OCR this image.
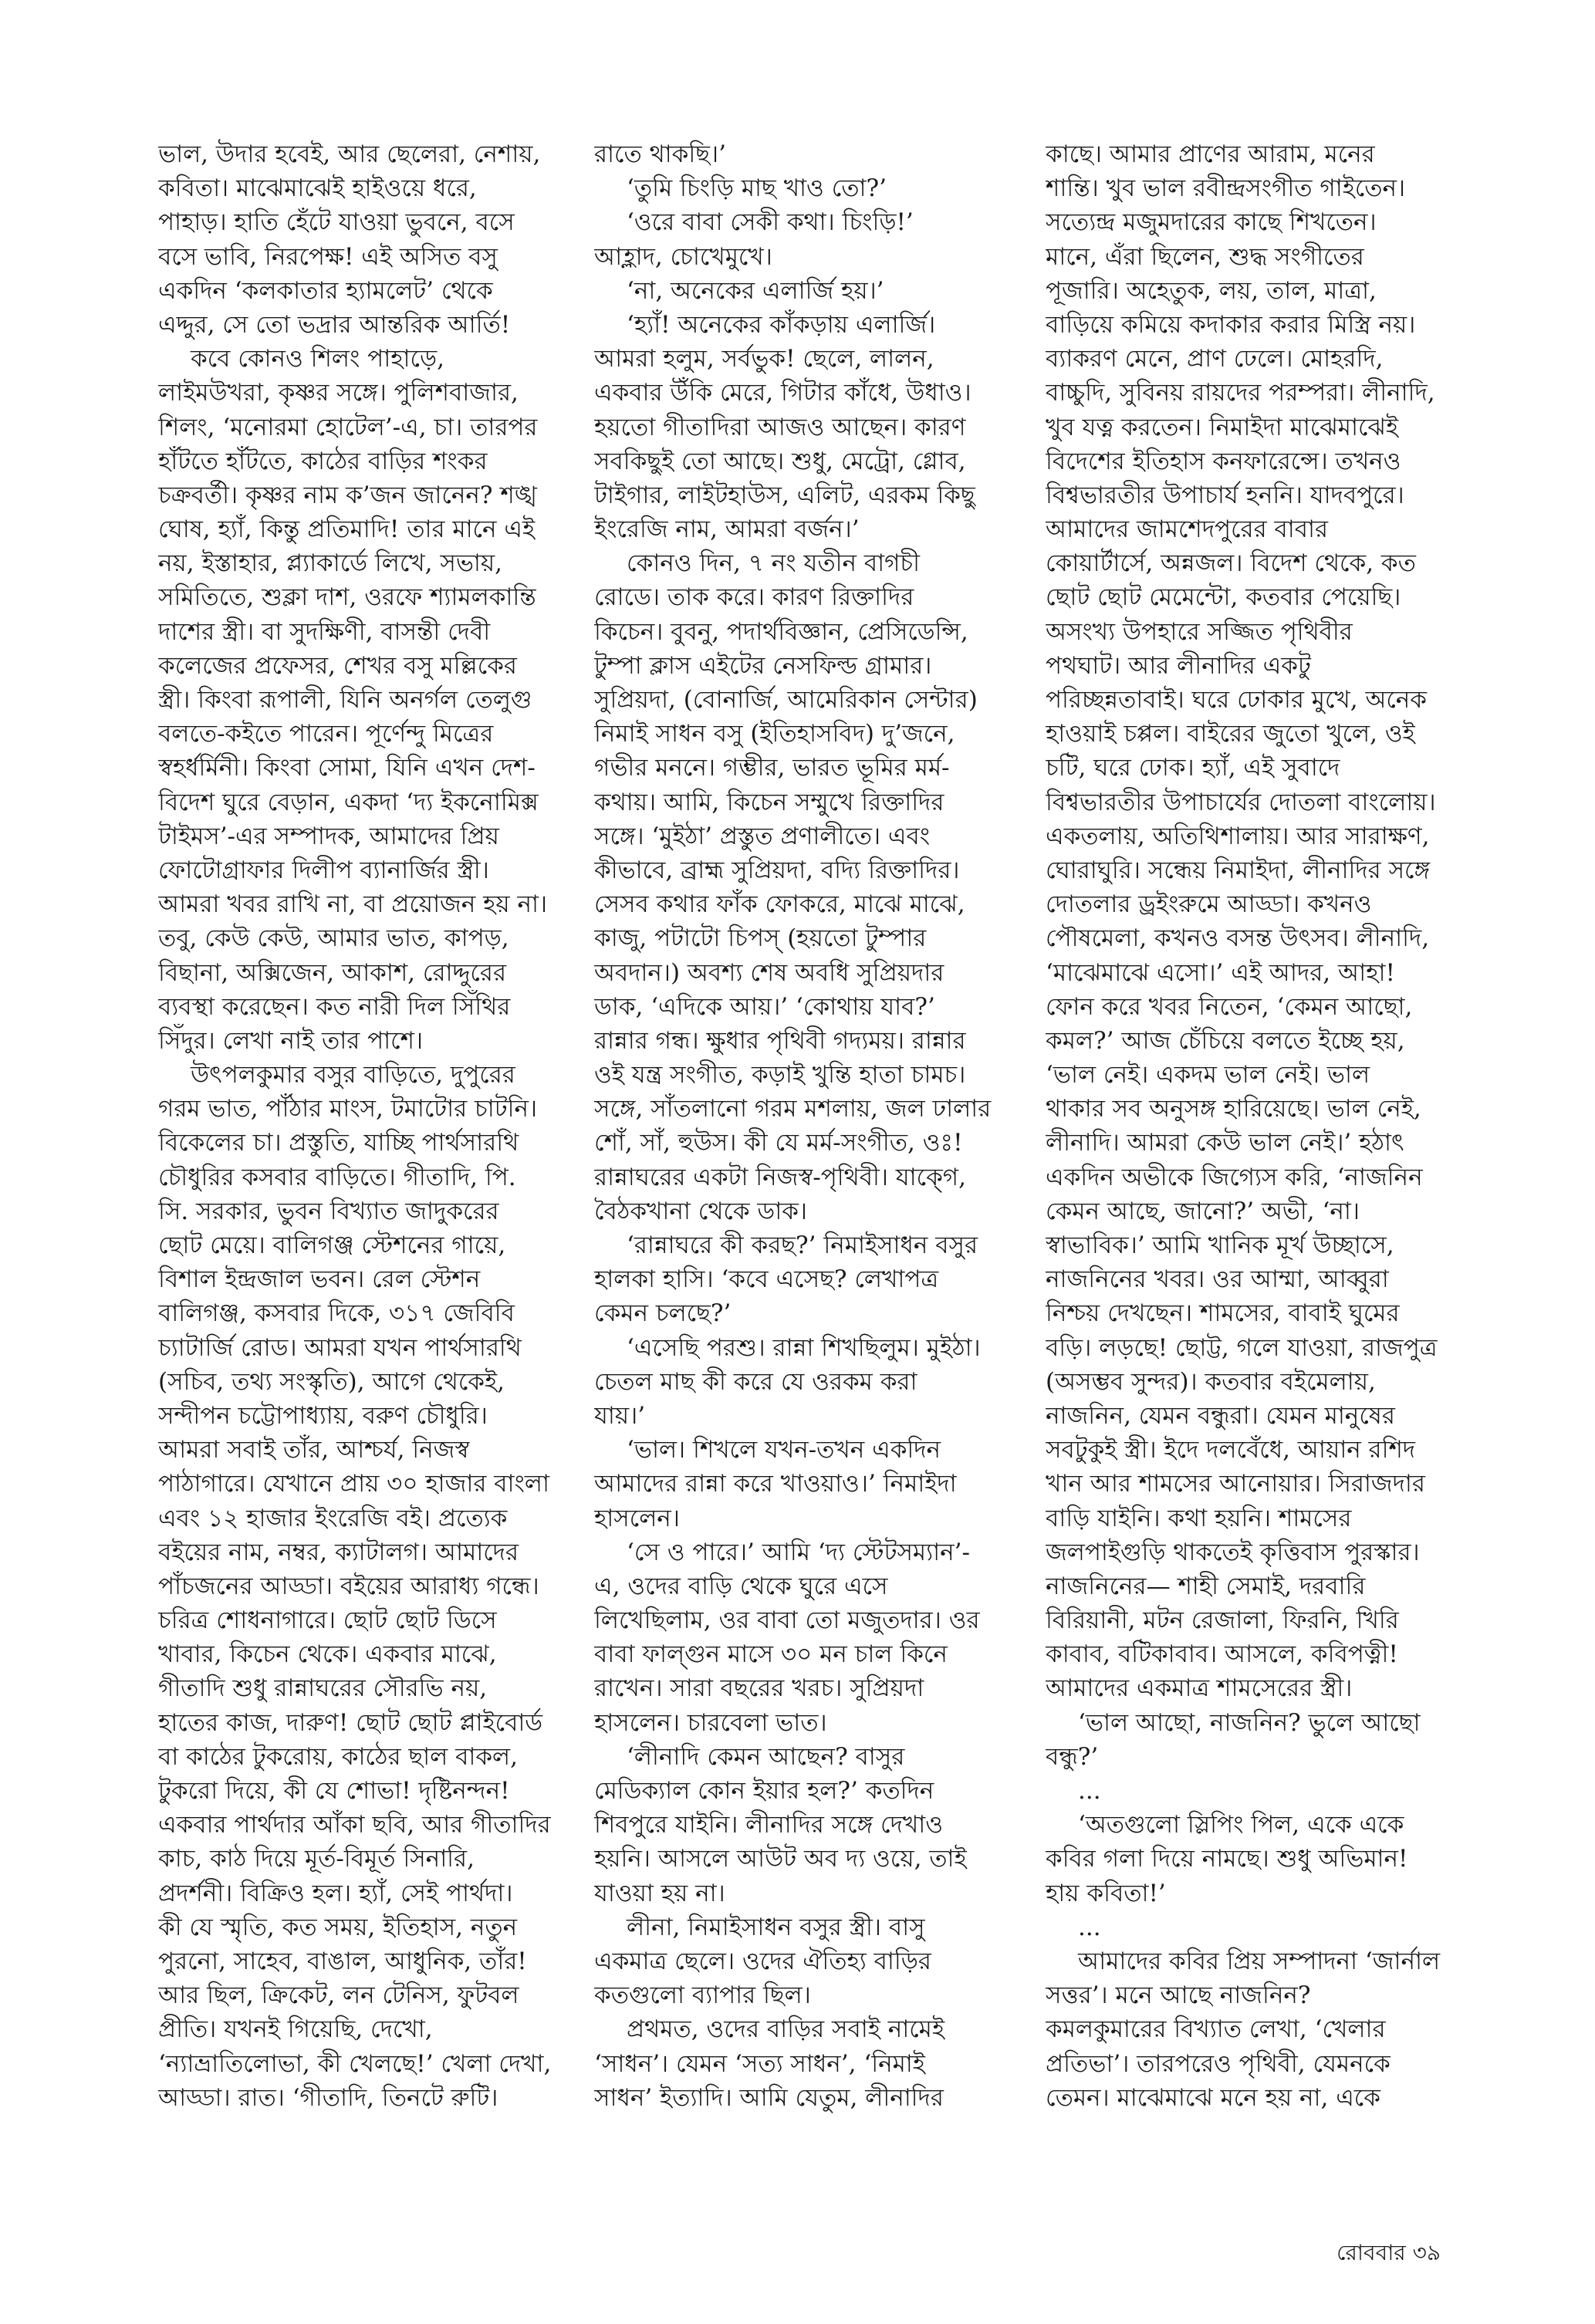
ভাল, উদার হবেই, আর ছেলেরা, নেশায়,
কবিতা। মাঝেমাঝেই হাইওয়ে ধরে,
পাহাড়। হাতি হেঁটে যাওয়া ভুবনে, বসে
বসে ভাবি, নিরপেক্ষ! এই অসিত বসু
একদিন ‘কলকাতার হ্যামলেট’ থেকে
এদ্দুর, সে তো ভদ্রার আন্তরিক আর্তি!
কবে কোনও শিলং পাহাড়ে,
লাইমউখরা, কৃষ্ণর সঙ্গে। পুলিশবাজার,
শিলং, ‘মনোরমা হোটেল’-এ, চা। তারপর
হাঁটতে হাঁটতে, কাঠের বাড়ির শংকর
চক্রবর্তী। কৃষ্ণর নাম ক’জন জানেন? শঙ্খ
ঘোষ, হ্যাঁ, কিন্তু প্রতিমাদি! তার মানে এই
নয়, ইস্তাহার, প্ল্যাকার্ডে লিখে, সভায়,
সমিতিতে, শুক্লা দাশ, ওরফে শ্যামলকান্তি
দাশের স্ত্রী। বা সুদক্ষিণী, বাসন্তী দেবী
কলেজের প্রফেসর, শেখর বসু মল্লিকের
স্ত্রী। কিংবা রূপালী, যিনি অনর্গল তেলুগু
বলতে-কইতে পারেন। পূর্ণেন্দু মিত্রের
স্বহর্ধর্মিনী। কিংবা সোমা, যিনি এখন দেশ-
বিদেশ ঘুরে বেড়ান, একদা ‘দ্য ইকনোমিক্স
টাইমস’-এর সম্পাদক, আমাদের প্রিয়
ফোটোগ্রাফার দিলীপ ব্যানার্জির স্ত্রী।
আমরা খবর রাখি না, বা প্রয়োজন হয় না।
তবু, কেউ কেউ, আমার ভাত, কাপড়,
বিছানা, অক্সিজেন, আকাশ, রোদ্দুরের
ব্যবস্থা করেছেন। কত নারী দিল সিঁথির
সিঁদুর। লেখা নাই তার পাশে।
উৎপলকুমার বসুর বাড়িতে, দুপুরের
গরম ভাত, পাঁঠার মাংস, টমাটোর চাটনি।
বিকেলের চা। প্রস্তুতি, যাচ্ছি পার্থসারথি
চৌধুরির কসবার বাড়িতে। গীতাদি, পি.
সি. সরকার, ভুবন বিখ্যাত জাদুকরের
ছোট মেয়ে। বালিগঞ্জ স্টেশনের গায়ে,
বিশাল ইন্দ্রজাল ভবন। রেল স্টেশন
বালিগঞ্জ, কসবার দিকে, ৩১৭ জেবিবি
চ্যাটার্জি রোড। আমরা যখন পার্থসারথি
(সচিব, তথ্য সংস্কৃতি), আগে থেকেই,
সন্দীপন চট্টোপাধ্যায়, বরুণ চৌধুরি।
আমরা সবাই তাঁর, আশ্চর্য, নিজস্ব
পাঠাগারে। যেখানে প্রায় ৩০ হাজার বাংলা
এবং ১২ হাজার ইংরেজি বই। প্রত্যেক
বইয়ের নাম, নম্বর, ক্যাটালগ। আমাদের
পাঁচজনের আড্ডা। বইয়ের আরাধ্য গন্ধে।
চরিত্র শোধনাগারে। ছোট ছোট ডিসে
খাবার, কিচেন থেকে। একবার মাঝে,
গীতাদি শুধু রান্নাঘরের সৌরভি নয়,
হাতের কাজ, দারুণ! ছোট ছোট প্লাইবোর্ড
বা কাঠের টুকরোয়, কাঠের ছাল বাকল,
টুকরো দিয়ে, কী যে শোভা! দৃষ্টিনন্দন!
একবার পার্থদার আঁকা ছবি, আর গীতাদির
কাচ, কাঠ দিয়ে মূর্ত-বিমূর্ত সিনারি,
প্রদর্শনী। বিক্রিও হল। হ্যাঁ, সেই পার্থদা।
কী যে স্মৃতি, কত সময়, ইতিহাস, নতুন
পুরনো, সাহেব, বাঙাল, আধুনিক, তাঁর!
আর ছিল, ক্রিকেট, লন টেনিস, ফুটবল
প্রীতি। যখনই গিয়েছি, দেখো,
‘ন্যাভ্রাতিলোভা, কী খেলছে!’ খেলা দেখা,
আড্ডা। রাত। ‘গীতাদি, তিনটে রুটি।
রাতে থাকছি।’
‘তুমি চিংড়ি মাছ খাও তো?’
‘ওরে বাবা সেকী কথা। চিংড়ি!’
আহ্লাদ, চোখেমুখে।
‘না, অনেকের এলার্জি হয়।’
‘হ্যাঁ! অনেকের কাঁকড়ায় এলার্জি।
আমরা হলুম, সর্বভুক! ছেলে, লালন,
একবার উঁকি মেরে, গিটার কাঁধে, উধাও।
হয়তো গীতাদিরা আজও আছেন। কারণ
সবকিছুই তো আছে। শুধু, মেট্রো, গ্লোব,
টাইগার, লাইটহাউস, এলিট, এরকম কিছু
ইংরেজি নাম, আমরা বর্জন।’
কোনও দিন, ৭ নং যতীন বাগচী
রোডে। তাক করে। কারণ রিক্তাদির
কিচেন। বুবনু, পদার্থবিজ্ঞান, প্রেসিডেন্সি,
টুম্পা ক্লাস এইটের নেসফিল্ড গ্রামার।
সুপ্রিয়দা, (বোনার্জি, আমেরিকান সেন্টার)
নিমাই সাধন বসু (ইতিহাসবিদ) দু’জনে,
গভীর মননে। গম্ভীর, ভারত ভূমির মর্ম-
কথায়। আমি, কিচেন সম্মুখে রিক্তাদির
সঙ্গে। ‘মুইঠা’ প্রস্তুত প্রণালীতে। এবং
কীভাবে, ব্রাহ্ম সুপ্রিয়দা, বদ্যি রিক্তাদির।
সেসব কথার ফাঁক ফোকরে, মাঝে মাঝে,
কাজু, পটাটো চিপস্ (হয়তো টুম্পার
অবদান।) অবশ্য শেষ অবধি সুপ্রিয়দার
ডাক, ‘এদিকে আয়।’ ‘কোথায় যাব?’
রান্নার গন্ধ। ক্ষুধার পৃথিবী গদ্যময়। রান্নার
ওই যন্ত্র সংগীত, কড়াই খুন্তি হাতা চামচ।
সঙ্গে, সাঁতলানো গরম মশলায়, জল ঢালার
শোঁ, সাঁ, হুউস। কী যে মর্ম-সংগীত, ওঃ!
রান্নাঘরের একটা নিজস্ব-পৃথিবী। যাক্গে,
বৈঠকখানা থেকে ডাক।
‘রান্নাঘরে কী করছ?’ নিমাইসাধন বসুর
হালকা হাসি। ‘কবে এসেছ? লেখাপত্র
কেমন চলছে?’
‘এসেছি পরশু। রান্না শিখছিলুম। মুইঠা।
চেতল মাছ কী করে যে ওরকম করা
যায়।’
‘ভাল। শিখলে যখন-তখন একদিন
আমাদের রান্না করে খাওয়াও।’ নিমাইদা
হাসলেন।
‘সে ও পারে।’ আমি ‘দ্য স্টেটসম্যান’-
এ, ওদের বাড়ি থেকে ঘুরে এসে
লিখেছিলাম, ওর বাবা তো মজুতদার। ওর
বাবা ফাল্গুন মাসে ৩০ মন চাল কিনে
রাখেন। সারা বছরের খরচ। সুপ্রিয়দা
হাসলেন। চারবেলা ভাত।
‘লীনাদি কেমন আছেন? বাসুর
মেডিক্যাল কোন ইয়ার হল?’ কতদিন
শিবপুরে যাইনি। লীনাদির সঙ্গে দেখাও
হয়নি। আসলে আউট অব দ্য ওয়ে, তাই
যাওয়া হয় না।
লীনা, নিমাইসাধন বসুর স্ত্রী। বাসু
একমাত্র ছেলে। ওদের ঐতিহ্য বাড়ির
কতগুলো ব্যাপার ছিল।
প্রথমত, ওদের বাড়ির সবাই নামেই
‘সাধন’। যেমন ‘সত্য সাধন’, ‘নিমাই
সাধন’ ইত্যাদি। আমি যেতুম, লীনাদির
কাছে। আমার প্রাণের আরাম, মনের
শান্তি। খুব ভাল রবীন্দ্রসংগীত গাইতেন।
সত্যেন্দ্র মজুমদারের কাছে শিখতেন।
মানে, এঁরা ছিলেন, শুদ্ধ সংগীতের
পূজারি। অহেতুক, লয়, তাল, মাত্রা,
বাড়িয়ে কমিয়ে কদাকার করার মিস্ত্রি নয়।
ব্যাকরণ মেনে, প্রাণ ঢেলে। মোহরদি,
বাচ্চুদি, সুবিনয় রায়দের পরম্পরা। লীনাদি,
খুব যত্ন করতেন। নিমাইদা মাঝেমাঝেই
বিদেশের ইতিহাস কনফারেন্সে। তখনও
বিশ্বভারতীর উপাচার্য হননি। যাদবপুরে।
আমাদের জামশেদপুরের বাবার
কোয়ার্টার্সে, অন্নজল। বিদেশ থেকে, কত
ছোট ছোট মেমেন্টো, কতবার পেয়েছি।
অসংখ্য উপহারে সজ্জিত পৃথিবীর
পথঘাট। আর লীনাদির একটু
পরিচ্ছন্নতাবাই। ঘরে ঢোকার মুখে, অনেক
হাওয়াই চপ্পল। বাইরের জুতো খুলে, ওই
চটি, ঘরে ঢোক। হ্যাঁ, এই সুবাদে
বিশ্বভারতীর উপাচার্যের দোতলা বাংলোয়।
একতলায়, অতিথিশালায়। আর সারাক্ষণ,
ঘোরাঘুরি। সন্ধেয় নিমাইদা, লীনাদির সঙ্গে
দোতলার ড্রইংরুমে আড্ডা। কখনও
পৌষমেলা, কখনও বসন্ত উৎসব। লীনাদি,
‘মাঝেমাঝে এসো।’ এই আদর, আহা!
ফোন করে খবর নিতেন, ‘কেমন আছো,
কমল?’ আজ চেঁচিয়ে বলতে ইচ্ছে হয়,
‘ভাল নেই। একদম ভাল নেই। ভাল
থাকার সব অনুসঙ্গ হারিয়েছে। ভাল নেই,
লীনাদি। আমরা কেউ ভাল নেই।’ হঠাৎ
একদিন অভীকে জিগ্যেস করি, ‘নাজনিন
কেমন আছে, জানো?’ অভী, ‘না।
স্বাভাবিক।’ আমি খানিক মূর্খ উচ্ছাসে,
নাজনিনের খবর। ওর আম্মা, আব্বুরা
নিশ্চয় দেখছেন। শামসের, বাবাই ঘুমের
বড়ি। লড়ছে! ছোট্ট, গলে যাওয়া, রাজপুত্র
(অসম্ভব সুন্দর)। কতবার বইমেলায়,
নাজনিন, যেমন বন্ধুরা। যেমন মানুষের
সবটুকুই স্ত্রী। ইদে দলবেঁধে, আয়ান রশিদ
খান আর শামসের আনোয়ার। সিরাজদার
বাড়ি যাইনি। কথা হয়নি। শামসের
জলপাইগুড়ি থাকতেই কৃত্তিবাস পুরস্কার।
নাজনিনের— শাহী সেমাই, দরবারি
বিরিয়ানী, মটন রেজালা, ফিরনি, খিরি
কাবাব, বটিকাবাব। আসলে, কবিপত্নী!
আমাদের একমাত্র শামসেরের স্ত্রী।
‘ভাল আছো, নাজনিন? ভুলে আছো
বন্ধু?’
...
‘অতগুলো স্লিপিং পিল, একে একে
কবির গলা দিয়ে নামছে। শুধু অভিমান!
হায় কবিতা!’
...
আমাদের কবির প্রিয় সম্পাদনা ‘জার্নাল
সত্তর’। মনে আছে নাজনিন?
কমলকুমারের বিখ্যাত লেখা, ‘খেলার
প্রতিভা’। তারপরেও পৃথিবী, যেমনকে
তেমন। মাঝেমাঝে মনে হয় না, একে
রোববার ৩৯
